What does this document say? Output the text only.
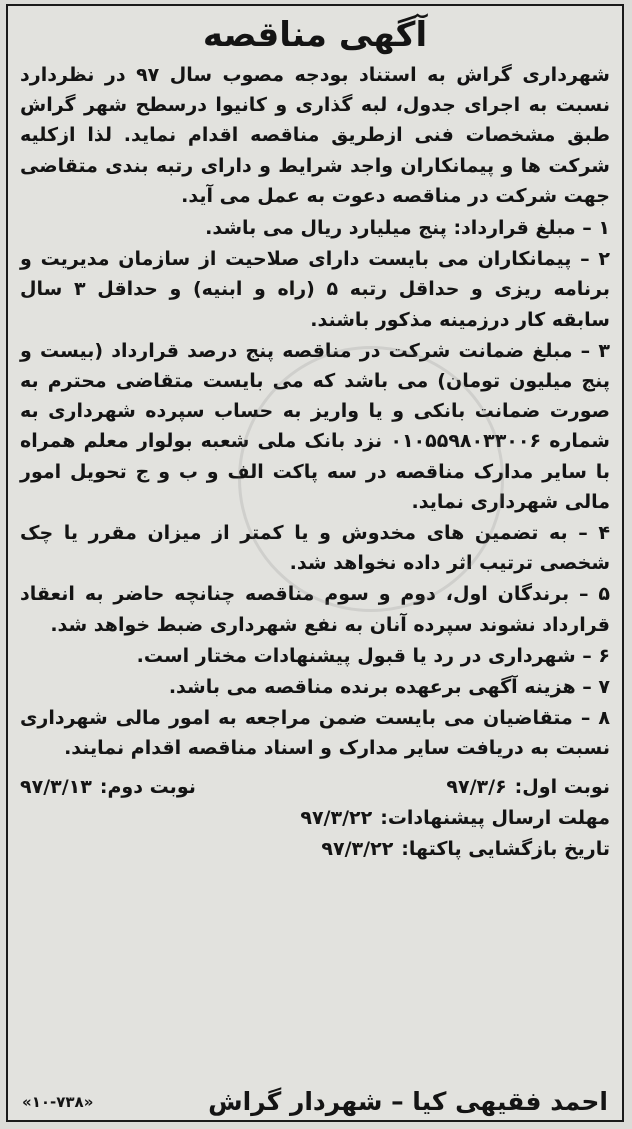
آگهی مناقصه
شهرداری گراش به استناد بودجه مصوب سال ۹۷ در نظردارد نسبت به اجرای جدول، لبه گذاری و کانیوا درسطح شهر گراش طبق مشخصات فنی ازطریق مناقصه اقدام نماید. لذا ازکلیه شرکت ها و پیمانکاران واجد شرایط و دارای رتبه بندی متقاضی جهت شرکت در مناقصه دعوت به عمل می آید.
۱ – مبلغ قرارداد: پنج میلیارد ریال می باشد.
۲ – پیمانکاران می بایست دارای صلاحیت از سازمان مدیریت و برنامه ریزی و حداقل رتبه ۵ (راه و ابنیه) و حداقل ۳ سال سابقه کار درزمینه مذکور باشند.
۳ – مبلغ ضمانت شرکت در مناقصه پنج درصد قرارداد (بیست و پنج میلیون تومان) می باشد که می بایست متقاضی محترم به صورت ضمانت بانکی و یا واریز به حساب سپرده شهرداری به شماره ۰۱۰۵۵۹۸۰۳۳۰۰۶ نزد بانک ملی شعبه بولوار معلم همراه با سایر مدارک مناقصه در سه پاکت الف و ب و ج تحویل امور مالی شهرداری نماید.
۴ – به تضمین های مخدوش و یا کمتر از میزان مقرر یا چک شخصی ترتیب اثر داده نخواهد شد.
۵ – برندگان اول، دوم و سوم مناقصه چنانچه حاضر به انعقاد قرارداد نشوند سپرده آنان به نفع شهرداری ضبط خواهد شد.
۶ – شهرداری در رد یا قبول پیشنهادات مختار است.
۷ – هزینه آگهی برعهده برنده مناقصه می باشد.
۸ – متقاضیان می بایست ضمن مراجعه به امور مالی شهرداری نسبت به دریافت سایر مدارک و اسناد مناقصه اقدام نمایند.
نوبت اول:
۹۷/۳/۶
نوبت دوم:
۹۷/۳/۱۳
مهلت ارسال پیشنهادات:
۹۷/۳/۲۲
تاریخ بازگشایی پاکتها:
۹۷/۳/۲۲
احمد فقیهی کیا – شهردار گراش
«۱۰-۷۳۸»
